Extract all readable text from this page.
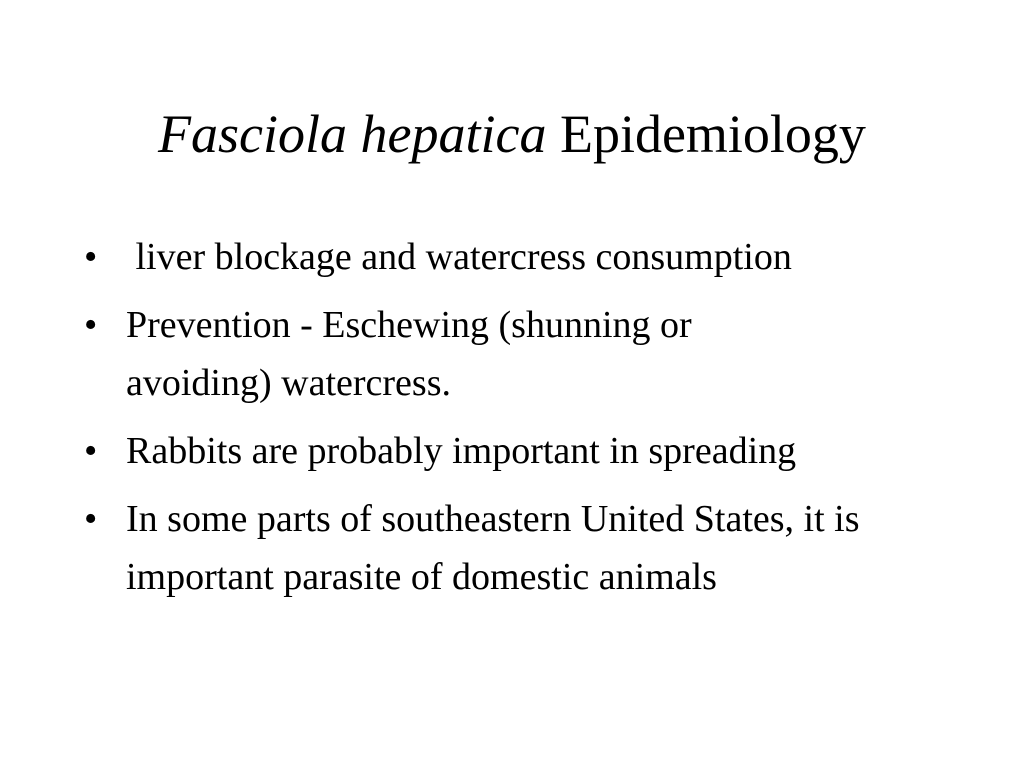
Fasciola hepatica Epidemiology
• liver blockage and watercress consumption
• Prevention - Eschewing (shunning or avoiding) watercress.
• Rabbits are probably important in spreading
• In some parts of southeastern United States, it is important parasite of domestic animals
